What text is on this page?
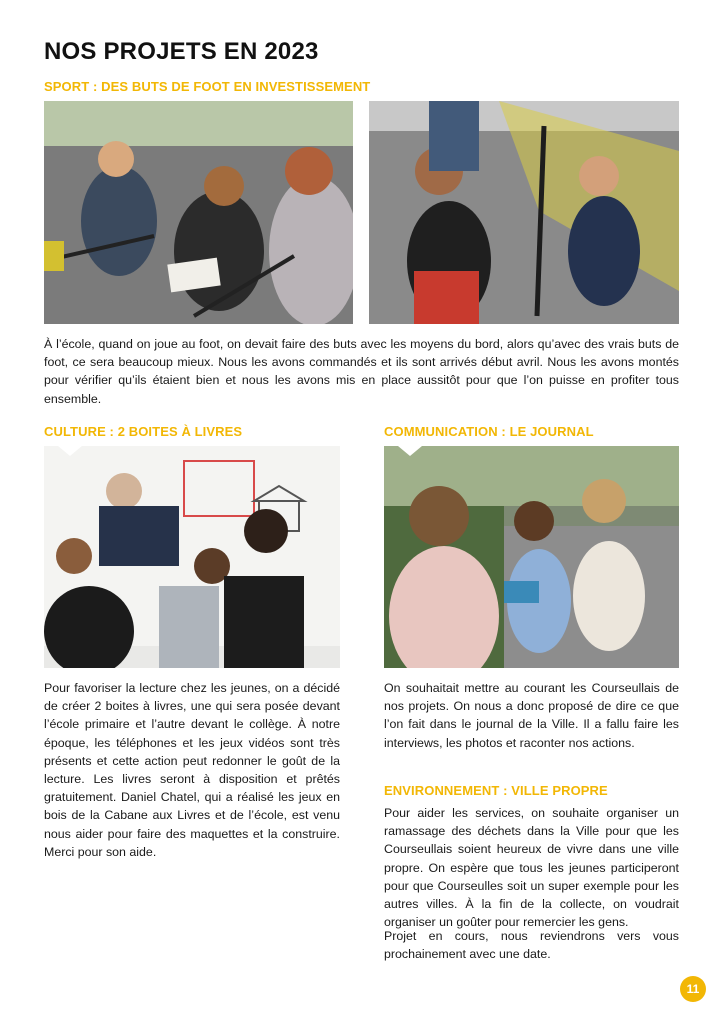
NOS PROJETS EN 2023
SPORT : DES BUTS DE FOOT EN INVESTISSEMENT

À l’école, quand on joue au foot, on devait faire des buts avec les moyens du bord, alors qu’avec des vrais buts de foot, ce sera beaucoup mieux. Nous les avons commandés et ils sont arrivés début avril. Nous les avons montés pour vérifier qu’ils étaient bien et nous les avons mis en place aussitôt pour que l’on puisse en profiter tous ensemble.

CULTURE : 2 BOITES À LIVRES

Pour favoriser la lecture chez les jeunes, on a décidé de créer 2 boites à livres, une qui sera posée devant l’école primaire et l’autre devant le collège. À notre époque, les téléphones et les jeux vidéos sont très présents et cette action peut redonner le goût de la lecture. Les livres seront à disposition et prêtés gratuitement. Daniel Chatel, qui a réalisé les jeux en bois de la Cabane aux Livres et de l’école, est venu nous aider pour faire des maquettes et la construire. Merci pour son aide.

COMMUNICATION : LE JOURNAL

On souhaitait mettre au courant les Courseullais de nos projets. On nous a donc proposé de dire ce que l’on fait dans le journal de la Ville. Il a fallu faire les interviews, les photos et raconter nos actions.

ENVIRONNEMENT : VILLE PROPRE

Pour aider les services, on souhaite organiser un ramassage des déchets dans la Ville pour que les Courseullais soient heureux de vivre dans une ville propre. On espère que tous les jeunes participeront pour que Courseulles soit un super exemple pour les autres villes. À la fin de la collecte, on voudrait organiser un goûter pour remercier les gens.

Projet en cours, nous reviendrons vers vous prochainement avec une date.

11
